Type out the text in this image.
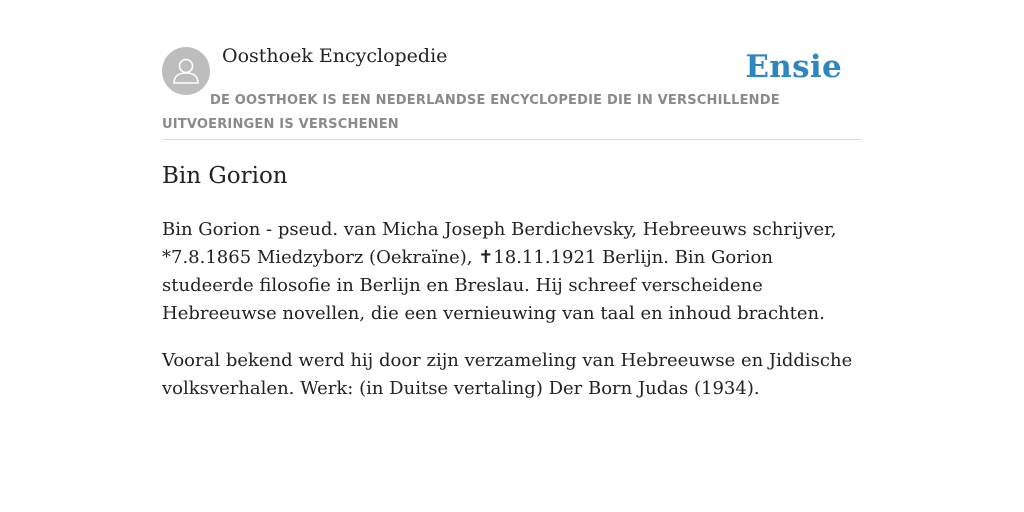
Oosthoek Encyclopedie	Ensie
DE OOSTHOEK IS EEN NEDERLANDSE ENCYCLOPEDIE DIE IN VERSCHILLENDE UITVOERINGEN IS VERSCHENEN
Bin Gorion

Bin Gorion - pseud. van Micha Joseph Berdichevsky, Hebreeuws schrijver, *7.8.1865 Miedzyborz (Oekraïne), ✝18.11.1921 Berlijn. Bin Gorion studeerde filosofie in Berlijn en Breslau. Hij schreef verscheidene Hebreeuwse novellen, die een vernieuwing van taal en inhoud brachten.

Vooral bekend werd hij door zijn verzameling van Hebreeuwse en Jiddische volksverhalen. Werk: (in Duitse vertaling) Der Born Judas (1934).
